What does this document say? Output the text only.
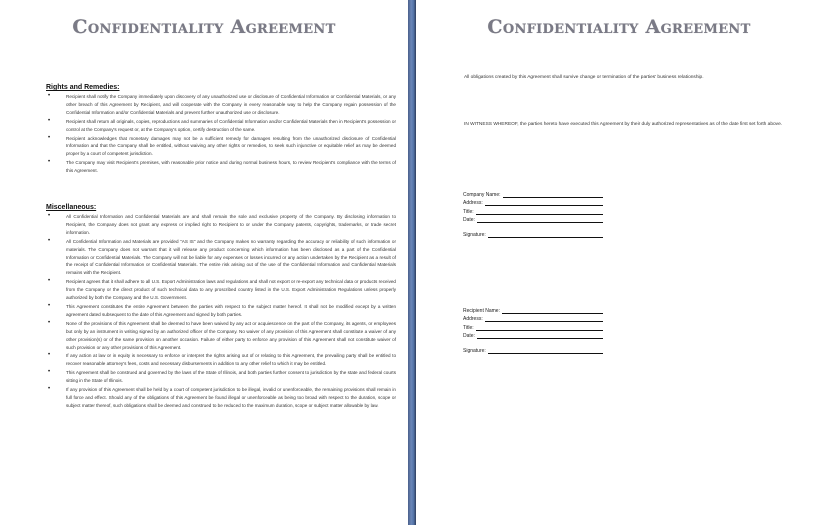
Confidentiality Agreement
Rights and Remedies:
• Recipient shall notify the Company immediately upon discovery of any unauthorized use or disclosure of Confidential Information or Confidential Materials, or any other breach of this Agreement by Recipient, and will cooperate with the Company in every reasonable way to help the Company regain possession of the Confidential Information and/or Confidential Materials and prevent further unauthorized use or disclosure.
• Recipient shall return all originals, copies, reproductions and summaries of Confidential Information and/or Confidential Materials then in Recipient's possession or control at the Company's request or, at the Company's option, certify destruction of the same.
• Recipient acknowledges that monetary damages may not be a sufficient remedy for damages resulting from the unauthorized disclosure of Confidential Information and that the Company shall be entitled, without waiving any other rights or remedies, to seek such injunctive or equitable relief as may be deemed proper by a court of competent jurisdiction.
• The Company may visit Recipient's premises, with reasonable prior notice and during normal business hours, to review Recipient's compliance with the terms of this Agreement.
Miscellaneous:
• All Confidential Information and Confidential Materials are and shall remain the sole and exclusive property of the Company. By disclosing information to Recipient, the Company does not grant any express or implied right to Recipient to or under the Company patents, copyrights, trademarks, or trade secret information.
• All Confidential Information and Materials are provided "AS IS" and the Company makes no warranty regarding the accuracy or reliability of such information or materials. The Company does not warrant that it will release any product concerning which information has been disclosed as a part of the Confidential Information or Confidential Materials. The Company will not be liable for any expenses or losses incurred or any action undertaken by the Recipient as a result of the receipt of Confidential Information or Confidential Materials. The entire risk arising out of the use of the Confidential Information and Confidential Materials remains with the Recipient.
• Recipient agrees that it shall adhere to all U.S. Export Administration laws and regulations and shall not export or re-export any technical data or products received from the Company or the direct product of such technical data to any proscribed country listed in the U.S. Export Administration Regulations unless properly authorized by both the Company and the U.S. Government.
• This Agreement constitutes the entire Agreement between the parties with respect to the subject matter hereof. It shall not be modified except by a written agreement dated subsequent to the date of this Agreement and signed by both parties.
• None of the provisions of this Agreement shall be deemed to have been waived by any act or acquiescence on the part of the Company, its agents, or employees but only by an instrument in writing signed by an authorized officer of the Company. No waiver of any provision of this Agreement shall constitute a waiver of any other provision(s) or of the same provision on another occasion. Failure of either party to enforce any provision of this Agreement shall not constitute waiver of such provision or any other provisions of this Agreement.
• If any action at law or in equity is necessary to enforce or interpret the rights arising out of or relating to this Agreement, the prevailing party shall be entitled to recover reasonable attorney's fees, costs and necessary disbursements in addition to any other relief to which it may be entitled.
• This Agreement shall be construed and governed by the laws of the State of Illinois, and both parties further consent to jurisdiction by the state and federal courts sitting in the State of Illinois.
• If any provision of this Agreement shall be held by a court of competent jurisdiction to be illegal, invalid or unenforceable, the remaining provisions shall remain in full force and effect. Should any of the obligations of this Agreement be found illegal or unenforceable as being too broad with respect to the duration, scope or subject matter thereof, such obligations shall be deemed and construed to be reduced to the maximum duration, scope or subject matter allowable by law.
Confidentiality Agreement
All obligations created by this Agreement shall survive change or termination of the parties' business relationship.
IN WITNESS WHEREOF, the parties hereto have executed this Agreement by their duly authorized representatives as of the date first set forth above.
Company Name:
Address:
Title:
Date:
Signature:
Recipient Name:
Address:
Title:
Date:
Signature:
